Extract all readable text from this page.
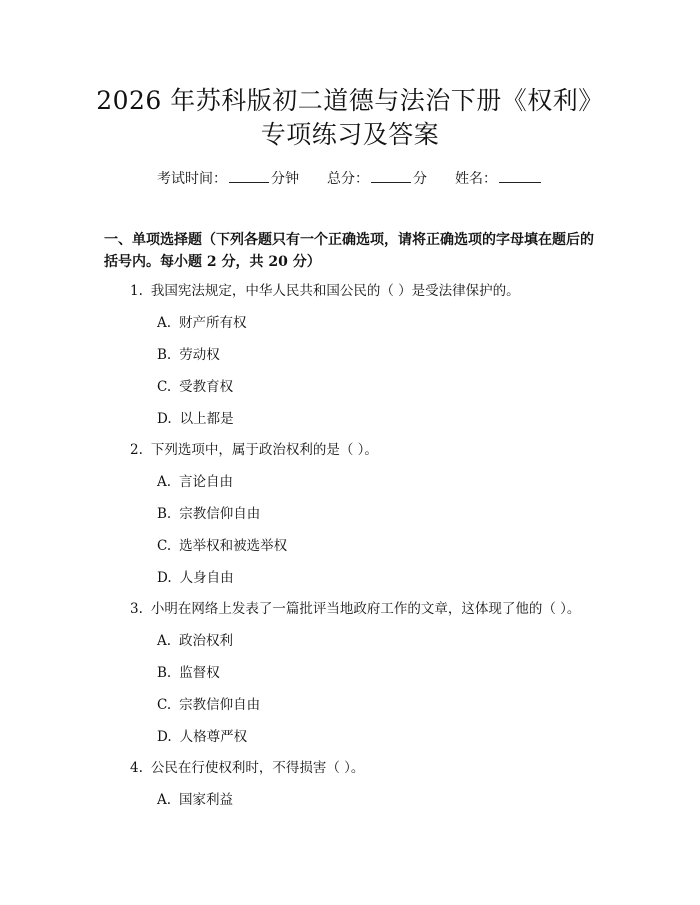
2026 年苏科版初二道德与法治下册《权利》
专项练习及答案
考试时间：	分钟 总分：	分 姓名：
一、单项选择题（下列各题只有一个正确选项，请将正确选项的字母填在题后的括号内。每小题 2 分，共 20 分）
1. 我国宪法规定，中华人民共和国公民的（ ）是受法律保护的。
A. 财产所有权
B. 劳动权
C. 受教育权
D. 以上都是
2. 下列选项中，属于政治权利的是（ ）。
A. 言论自由
B. 宗教信仰自由
C. 选举权和被选举权
D. 人身自由
3. 小明在网络上发表了一篇批评当地政府工作的文章，这体现了他的（ ）。
A. 政治权利
B. 监督权
C. 宗教信仰自由
D. 人格尊严权
4. 公民在行使权利时，不得损害（ ）。
A. 国家利益
